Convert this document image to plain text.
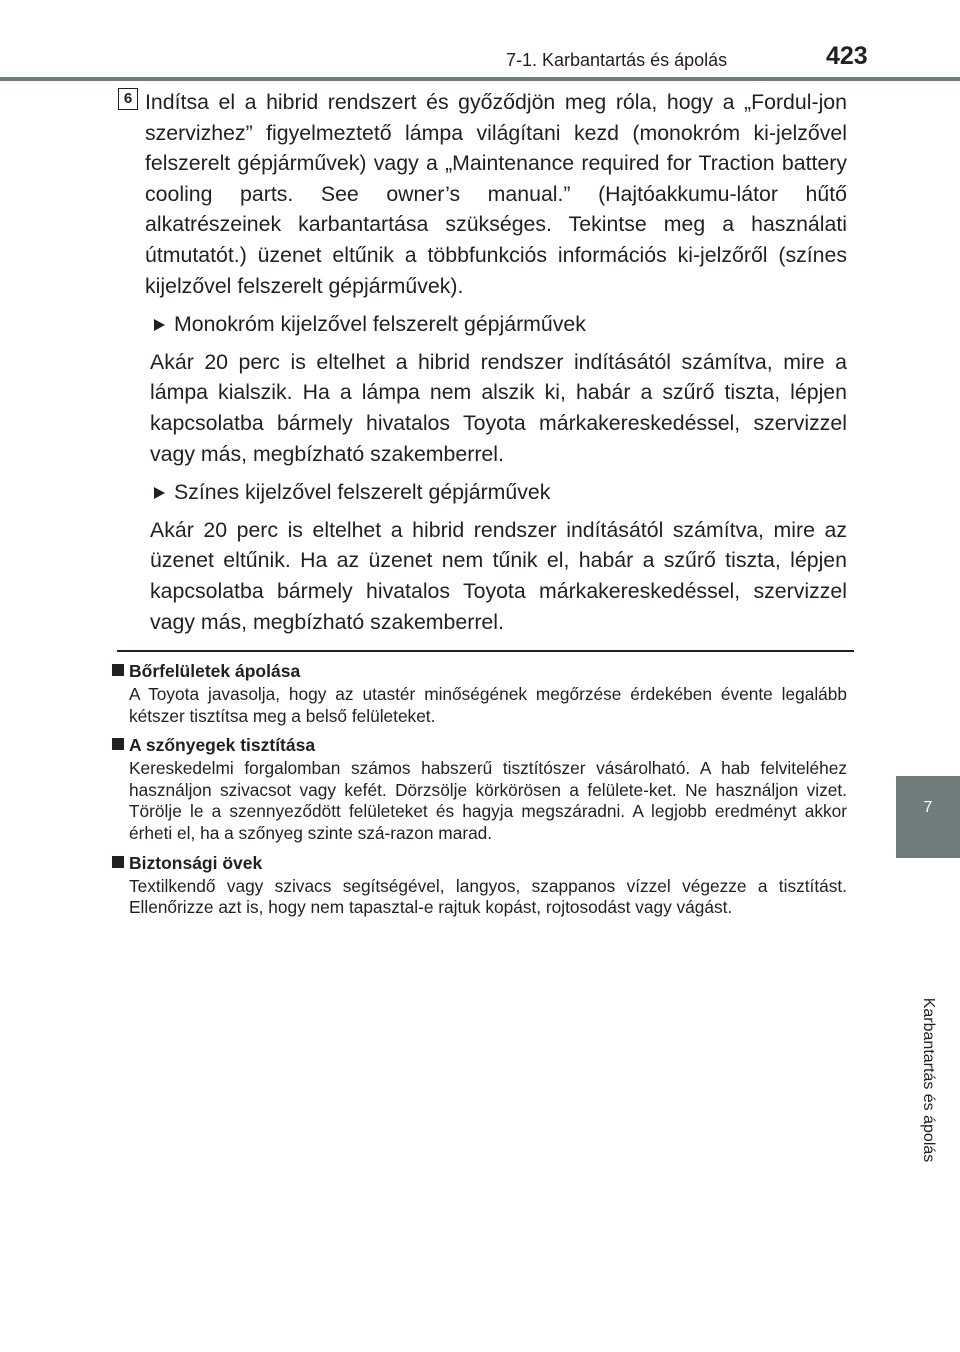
7-1. Karbantartás és ápolás	423
7
Karbantartás és ápolás
6 Indítsa el a hibrid rendszert és győződjön meg róla, hogy a „Fordul-jon szervizhez” figyelmeztető lámpa világítani kezd (monokróm ki-jelzővel felszerelt gépjárművek) vagy a „Maintenance required for Traction battery cooling parts. See owner’s manual.” (Hajtóakkumu-látor hűtő alkatrészeinek karbantartása szükséges. Tekintse meg a használati útmutatót.) üzenet eltűnik a többfunkciós információs ki-jelzőről (színes kijelzővel felszerelt gépjárművek).

Monokróm kijelzővel felszerelt gépjárművek

Akár 20 perc is eltelhet a hibrid rendszer indításától számítva, mire a lámpa kialszik. Ha a lámpa nem alszik ki, habár a szűrő tiszta, lépjen kapcsolatba bármely hivatalos Toyota márkakereskedéssel, szervizzel vagy más, megbízható szakemberrel.

Színes kijelzővel felszerelt gépjárművek

Akár 20 perc is eltelhet a hibrid rendszer indításától számítva, mire az üzenet eltűnik. Ha az üzenet nem tűnik el, habár a szűrő tiszta, lépjen kapcsolatba bármely hivatalos Toyota márkakereskedéssel, szervizzel vagy más, megbízható szakemberrel.

Bőrfelületek ápolása

A Toyota javasolja, hogy az utastér minőségének megőrzése érdekében évente legalább kétszer tisztítsa meg a belső felületeket.

A szőnyegek tisztítása

Kereskedelmi forgalomban számos habszerű tisztítószer vásárolható. A hab felviteléhez használjon szivacsot vagy kefét. Dörzsölje körkörösen a felülete-ket. Ne használjon vizet. Törölje le a szennyeződött felületeket és hagyja megszáradni. A legjobb eredményt akkor érheti el, ha a szőnyeg szinte szá-razon marad.

Biztonsági övek

Textilkendő vagy szivacs segítségével, langyos, szappanos vízzel végezze a tisztítást. Ellenőrizze azt is, hogy nem tapasztal-e rajtuk kopást, rojtosodást vagy vágást.
